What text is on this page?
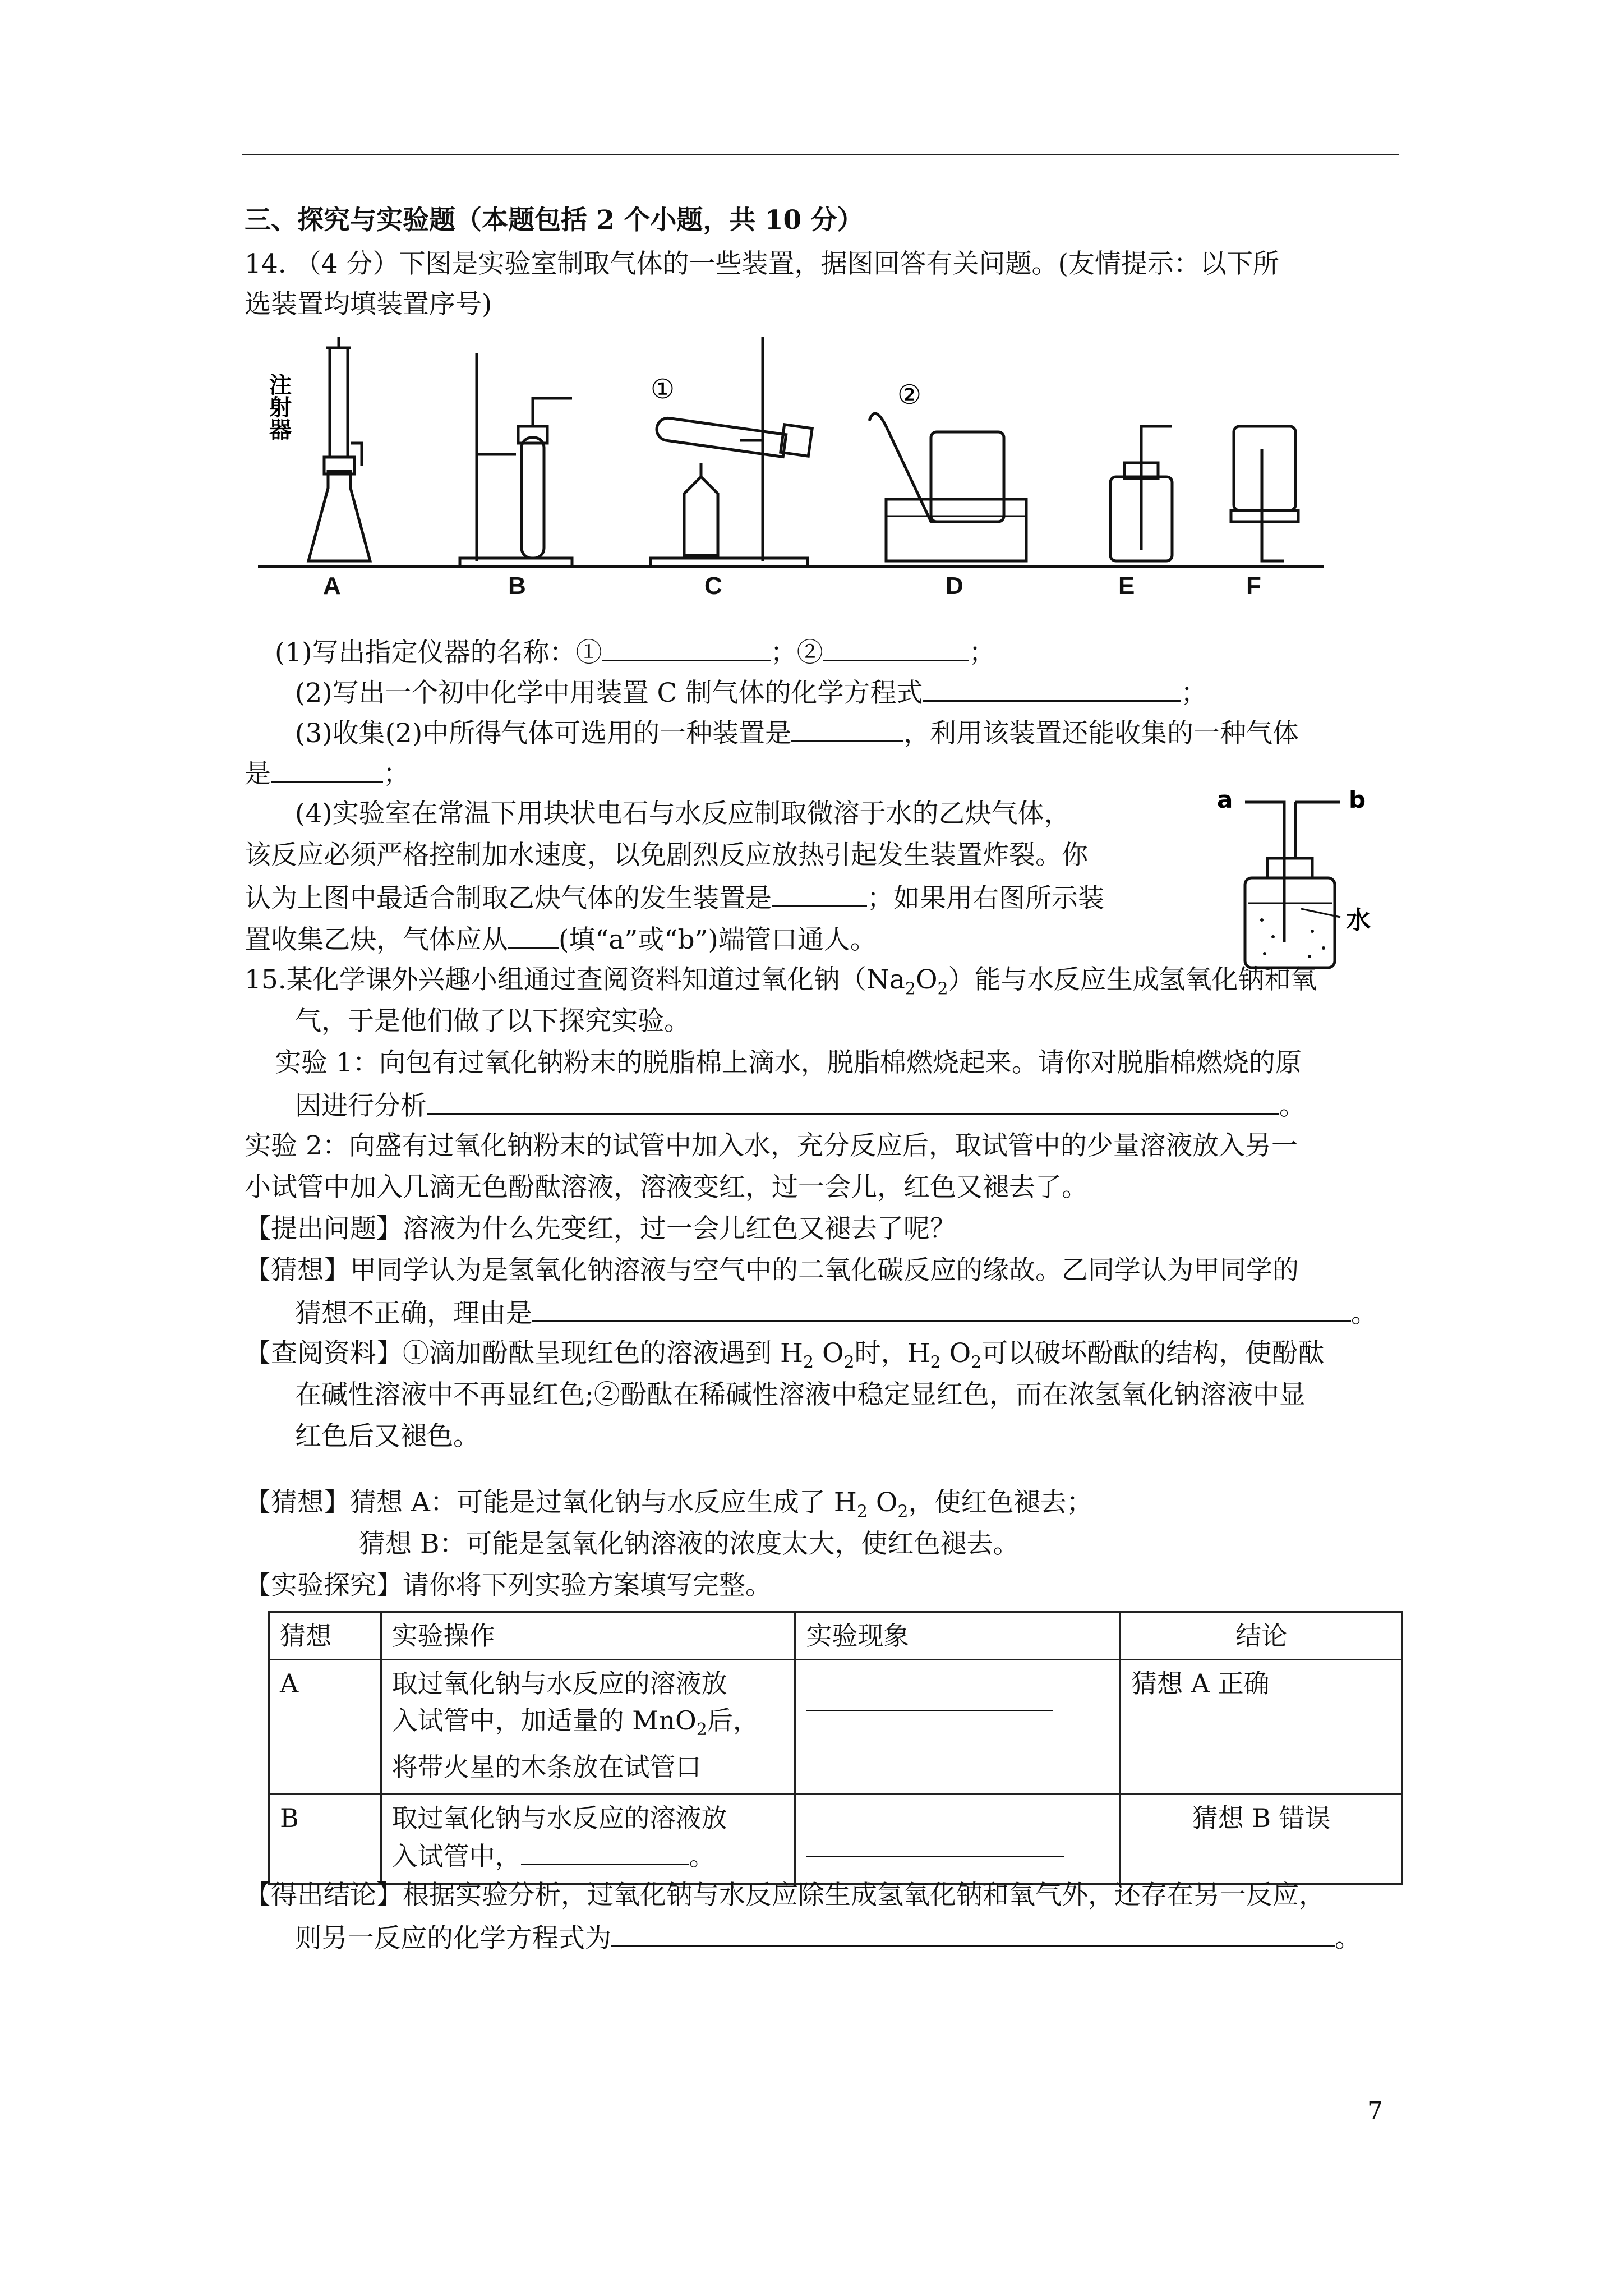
三、探究与实验题（本题包括 2 个小题，共 10 分）
14. （4 分）下图是实验室制取气体的一些装置，据图回答有关问题。(友情提示：以下所
选装置均填装置序号)
注
射
器
①	②
A	B	C	D	E	F
(1)写出指定仪器的名称：①	；②	；
(2)写出一个初中化学中用装置 C 制气体的化学方程式	；
(3)收集(2)中所得气体可选用的一种装置是	，利用该装置还能收集的一种气体
是	；
(4)实验室在常温下用块状电石与水反应制取微溶于水的乙炔气体，
该反应必须严格控制加水速度，以免剧烈反应放热引起发生装置炸裂。你
认为上图中最适合制取乙炔气体的发生装置是	；如果用右图所示装
置收集乙炔，气体应从 (填“a”或“b”)端管口通人。
a	b
水
15.某化学课外兴趣小组通过查阅资料知道过氧化钠$(Na_2O_2)$能与水反应生成氢氧化钠和氧
气，于是他们做了以下探究实验。
实验 1：向包有过氧化钠粉末的脱脂棉上滴水，脱脂棉燃烧起来。请你对脱脂棉燃烧的原
因进行分析	。
实验 2：向盛有过氧化钠粉末的试管中加入水，充分反应后，取试管中的少量溶液放入另一
小试管中加入几滴无色酚酞溶液，溶液变红，过一会儿，红色又褪去了。
【提出问题】溶液为什么先变红，过一会儿红色又褪去了呢？
【猜想】甲同学认为是氢氧化钠溶液与空气中的二氧化碳反应的缘故。乙同学认为甲同学的
猜想不正确，理由是	。
【查阅资料】①滴加酚酞呈现红色的溶液遇到 $H_2$ $O_2$时，$H_2$ $O_2$可以破坏酚酞的结构，使酚酞
在碱性溶液中不再显红色;②酚酞在稀碱性溶液中稳定显红色，而在浓氢氧化钠溶液中显
红色后又褪色。
【猜想】猜想 A：可能是过氧化钠与水反应生成了 $H_2$ $O_2$，使红色褪去；
猜想 B：可能是氢氧化钠溶液的浓度太大，使红色褪去。
【实验探究】请你将下列实验方案填写完整。
猜想	实验操作	实验现象	结论
A	取过氧化钠与水反应的溶液放
入试管中，加适量的 MnO$_2$后，
将带火星的木条放在试管口		猜想 A 正确
B	取过氧化钠与水反应的溶液放
入试管中， 。		猜想 B 错误
【得出结论】根据实验分析，过氧化钠与水反应除生成氢氧化钠和氧气外，还存在另一反应，
则另一反应的化学方程式为	。
7
